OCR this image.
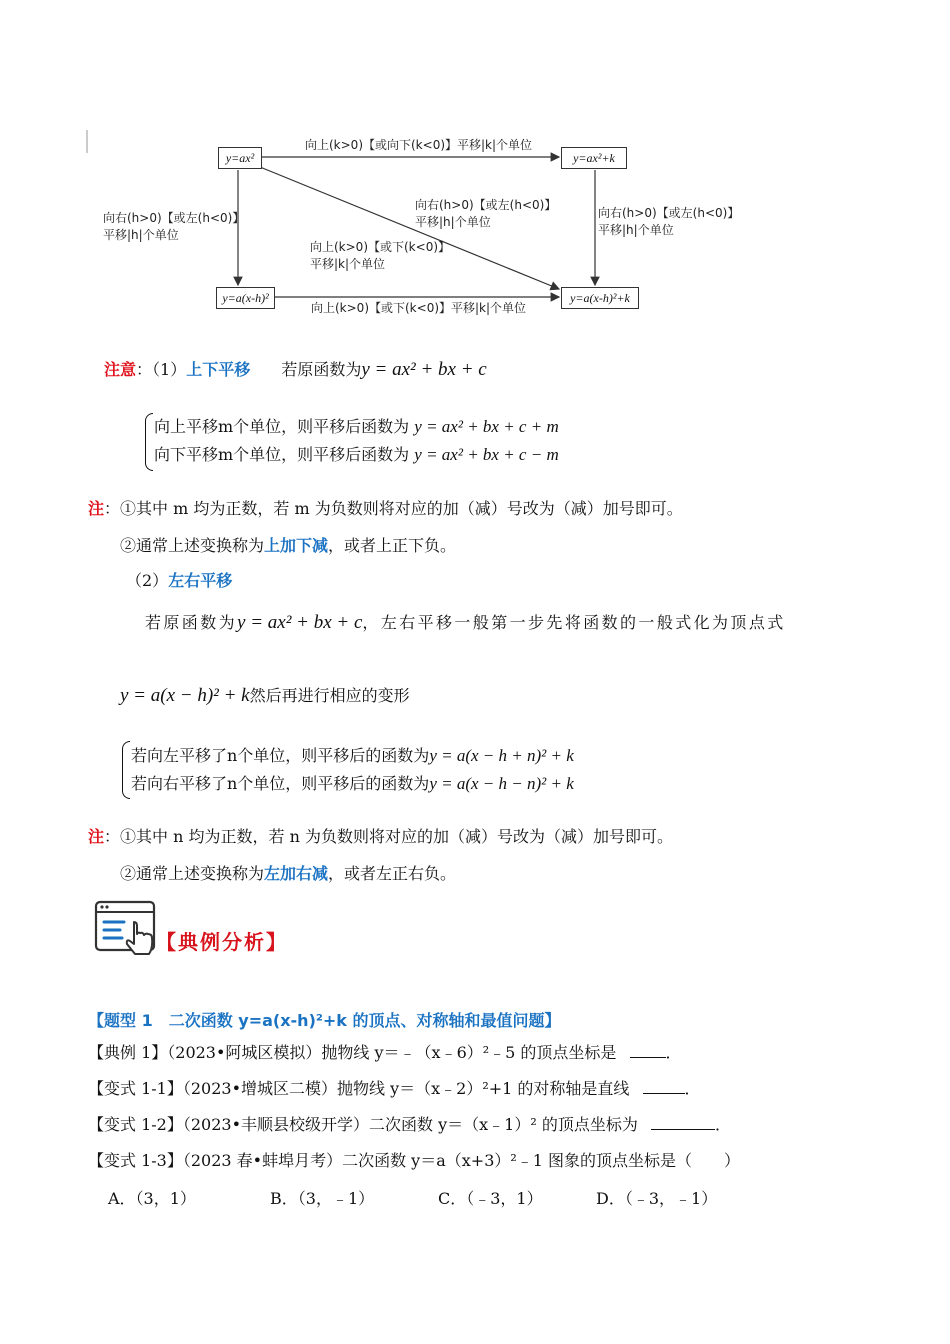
y=ax²	y=ax²+k
y=a(x-h)²	y=a(x-h)²+k
向上(k>0)【或向下(k<0)】平移|k|个单位
向上(k>0)【或下(k<0)】平移|k|个单位
向右(h>0)【或左(h<0)】
平移|h|个单位
向右(h>0)【或左(h<0)】
平移|h|个单位
向右(h>0)【或左(h<0)】
平移|h|个单位
向上(k>0)【或下(k<0)】
平移|k|个单位
注意：（1）上下平移 若原函数为y = ax² + bx + c
向上平移m个单位，则平移后函数为 y = ax² + bx + c + m
向下平移m个单位，则平移后函数为 y = ax² + bx + c − m
注：①其中 m 均为正数，若 m 为负数则将对应的加（减）号改为（减）加号即可。
②通常上述变换称为上加下减，或者上正下负。
（2）左右平移
若原函数为y = ax² + bx + c，左右平移一般第一步先将函数的一般式化为顶点式
y = a(x − h)² + k然后再进行相应的变形
若向左平移了n个单位，则平移后的函数为y = a(x − h + n)² + k
若向右平移了n个单位，则平移后的函数为y = a(x − h − n)² + k
注：①其中 n 均为正数，若 n 为负数则将对应的加（减）号改为（减）加号即可。
②通常上述变换称为左加右减，或者左正右负。
【典例分析】
【题型 1　二次函数 y=a(x-h)²+k 的顶点、对称轴和最值问题】
【典例 1】（2023•阿城区模拟）抛物线 y＝﹣（x﹣6）²﹣5 的顶点坐标是	．
【变式 1-1】（2023•增城区二模）抛物线 y＝（x﹣2）²+1 的对称轴是直线	．
【变式 1-2】（2023•丰顺县校级开学）二次函数 y＝（x﹣1）² 的顶点坐标为	．
【变式 1-3】（2023 春•蚌埠月考）二次函数 y＝a（x+3）²﹣1 图象的顶点坐标是（　　）
A．（3，1）	B．（3，﹣1）	C．（﹣3，1）	D．（﹣3，﹣1）
